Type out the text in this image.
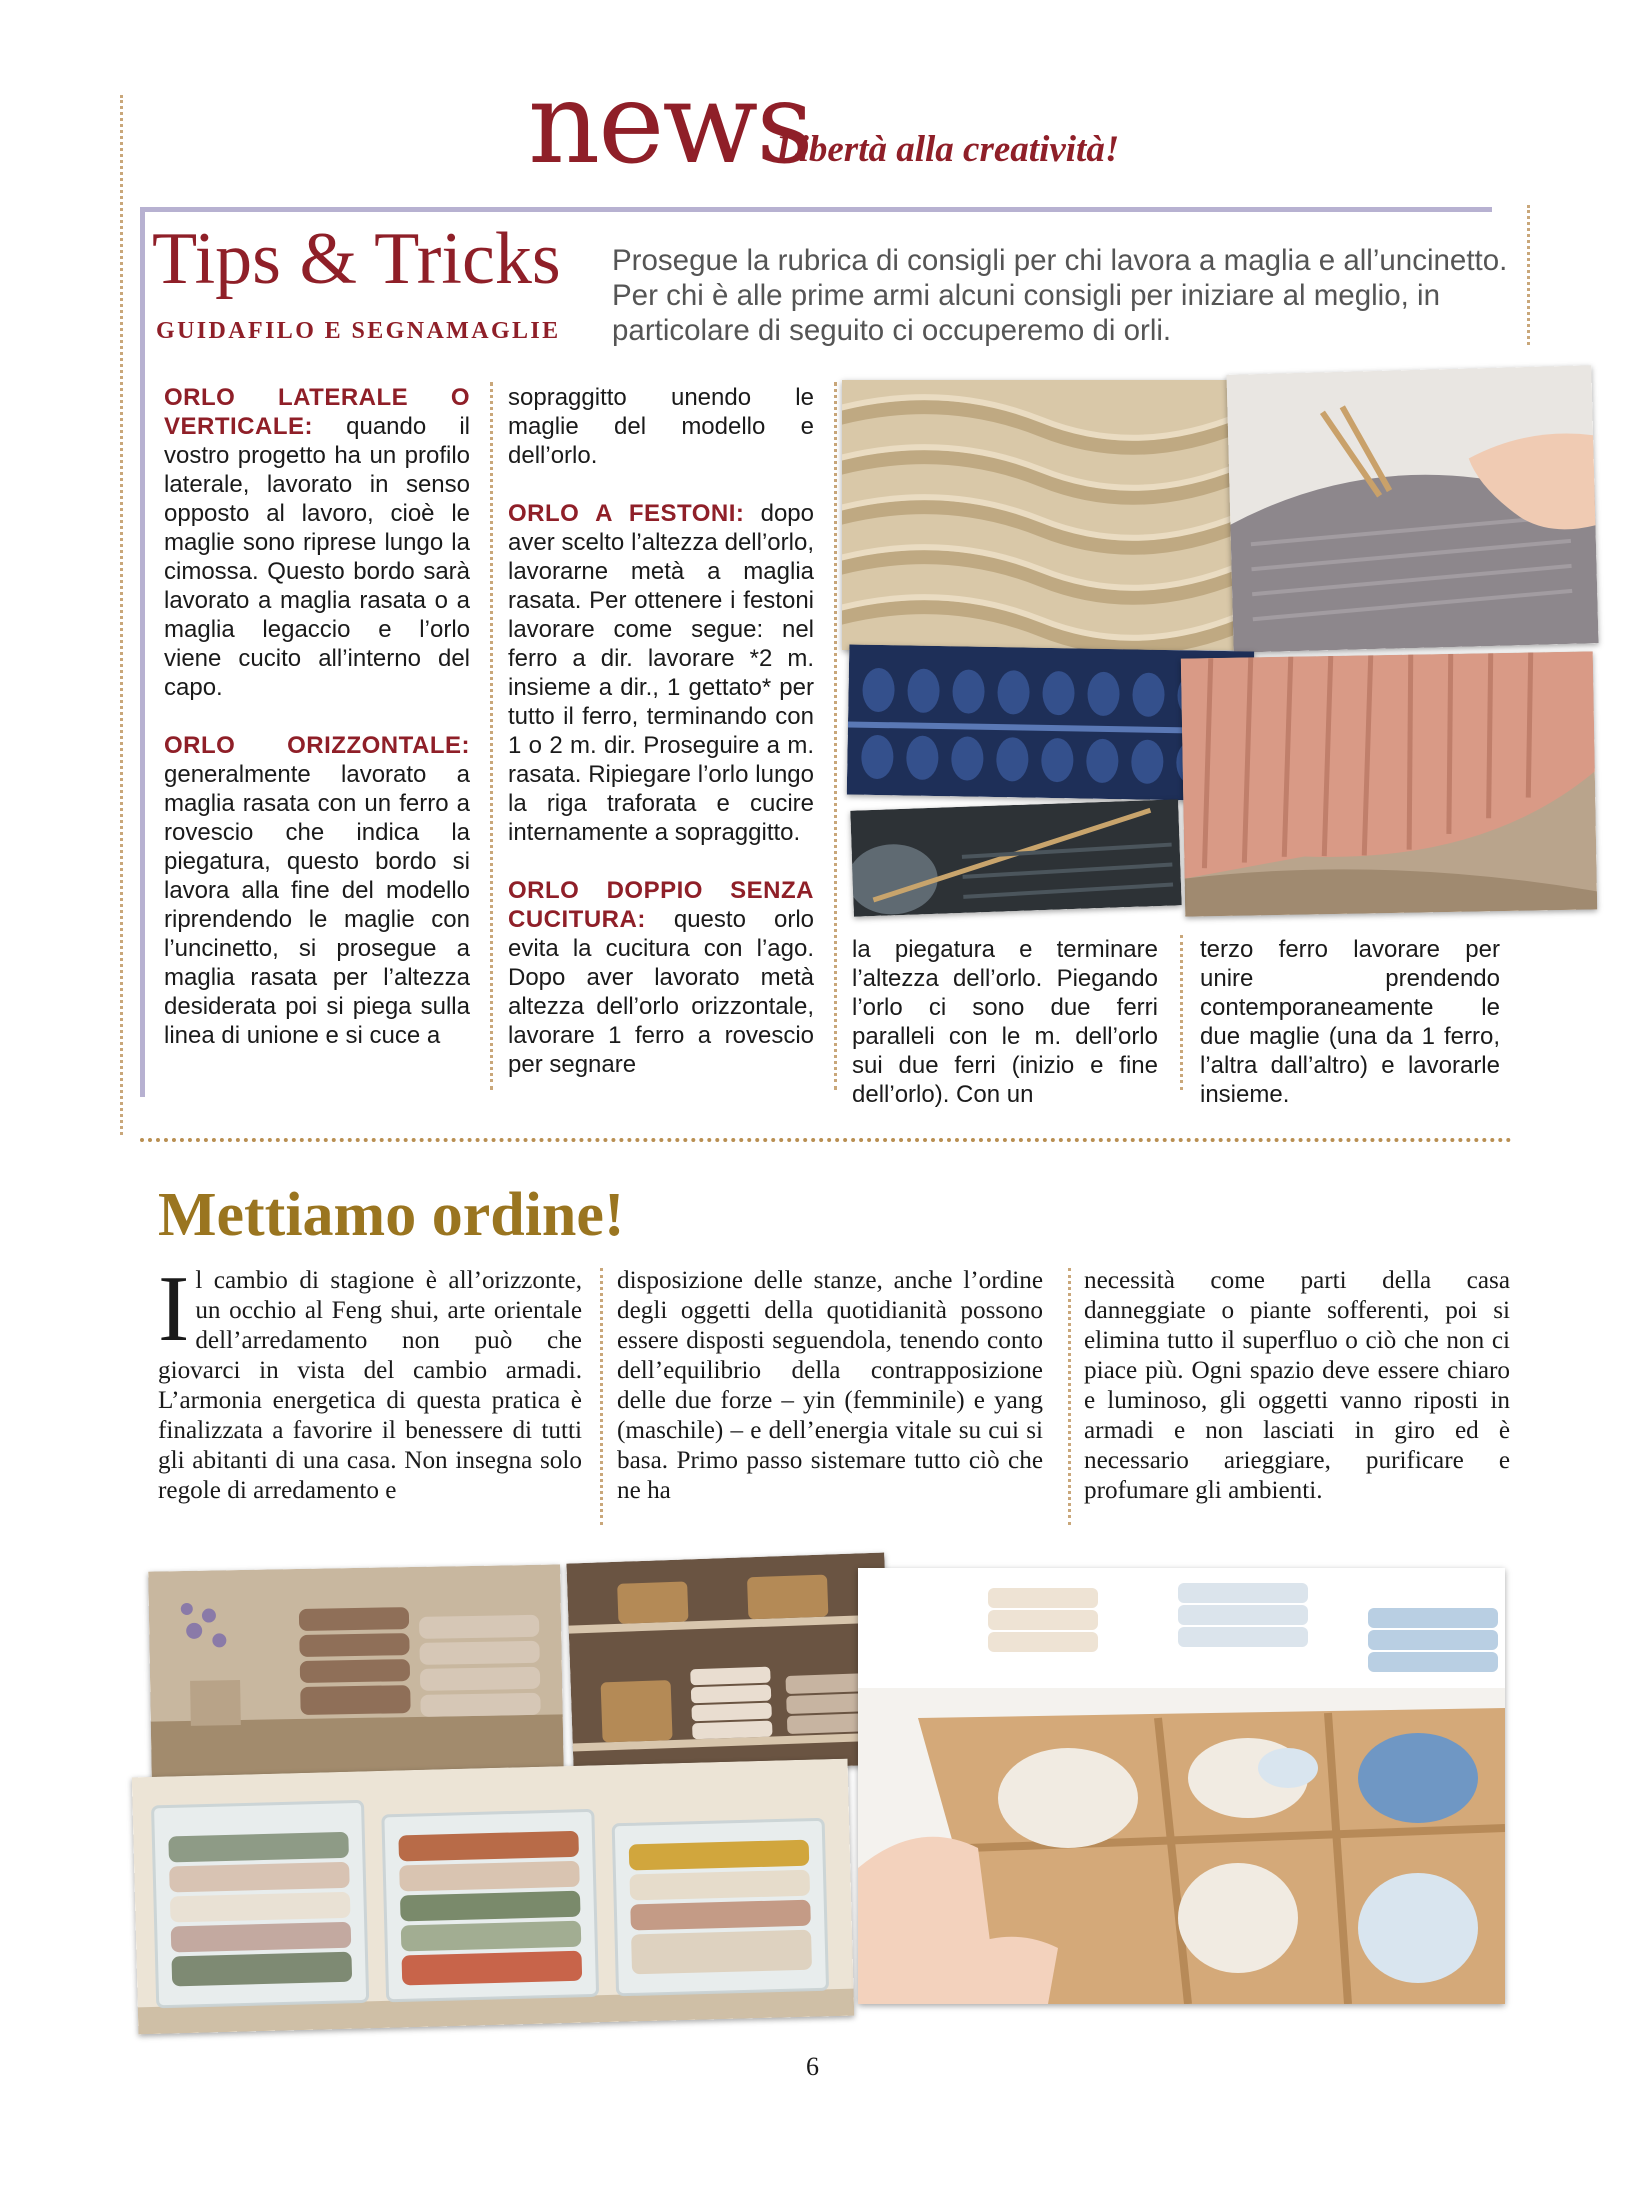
news
Libertà alla creatività!
Tips & Tricks
GUIDAFILO E SEGNAMAGLIE
Prosegue la rubrica di consigli per chi lavora a maglia e all’uncinetto. Per chi è alle prime armi alcuni consigli per iniziare al meglio, in particolare di seguito ci occuperemo di orli.

ORLO LATERALE O VERTICALE: quando il vostro progetto ha un profilo laterale, lavorato in senso opposto al lavoro, cioè le maglie sono riprese lungo la cimossa. Questo bordo sarà lavorato a maglia rasata o a maglia legaccio e l’orlo viene cucito all’interno del capo.

ORLO ORIZZONTALE: generalmente lavorato a maglia rasata con un ferro a rovescio che indica la piegatura, questo bordo si lavora alla fine del modello riprendendo le maglie con l’uncinetto, si prosegue a maglia rasata per l’altezza desiderata poi si piega sulla linea di unione e si cuce a

sopraggitto unendo le maglie del modello e dell’orlo.

ORLO A FESTONI: dopo aver scelto l’altezza dell’orlo, lavorarne metà a maglia rasata. Per ottenere i festoni lavorare come segue: nel ferro a dir. lavorare *2 m. insieme a dir., 1 gettato* per tutto il ferro, terminando con 1 o 2 m. dir. Proseguire a m. rasata. Ripiegare l’orlo lungo la riga traforata e cucire internamente a sopraggitto.

ORLO DOPPIO SENZA CUCITURA: questo orlo evita la cucitura con l’ago. Dopo aver lavorato metà altezza dell’orlo orizzontale, lavorare 1 ferro a rovescio per segnare

la piegatura e terminare l’altezza dell’orlo. Piegando l’orlo ci sono due ferri paralleli con le m. dell’orlo sui due ferri (inizio e fine dell’orlo). Con un

terzo ferro lavorare per unire prendendo contemporaneamente le due maglie (una da 1 ferro, l’altra dall’altro) e lavorarle insieme.

Mettiamo ordine!
Il cambio di stagione è all’orizzonte, un occhio al Feng shui, arte orientale dell’arredamento non può che giovarci in vista del cambio armadi. L’armonia energetica di questa pratica è finalizzata a favorire il benessere di tutti gli abitanti di una casa. Non insegna solo regole di arredamento e
disposizione delle stanze, anche l’ordine degli oggetti della quotidianità possono essere disposti seguendola, tenendo conto dell’equilibrio della contrapposizione delle due forze – yin (femminile) e yang (maschile) – e dell’energia vitale su cui si basa. Primo passo sistemare tutto ciò che ne ha
necessità come parti della casa danneggiate o piante sofferenti, poi si elimina tutto il superfluo o ciò che non ci piace più. Ogni spazio deve essere chiaro e luminoso, gli oggetti vanno riposti in armadi e non lasciati in giro ed è necessario arieggiare, purificare e profumare gli ambienti.
6
